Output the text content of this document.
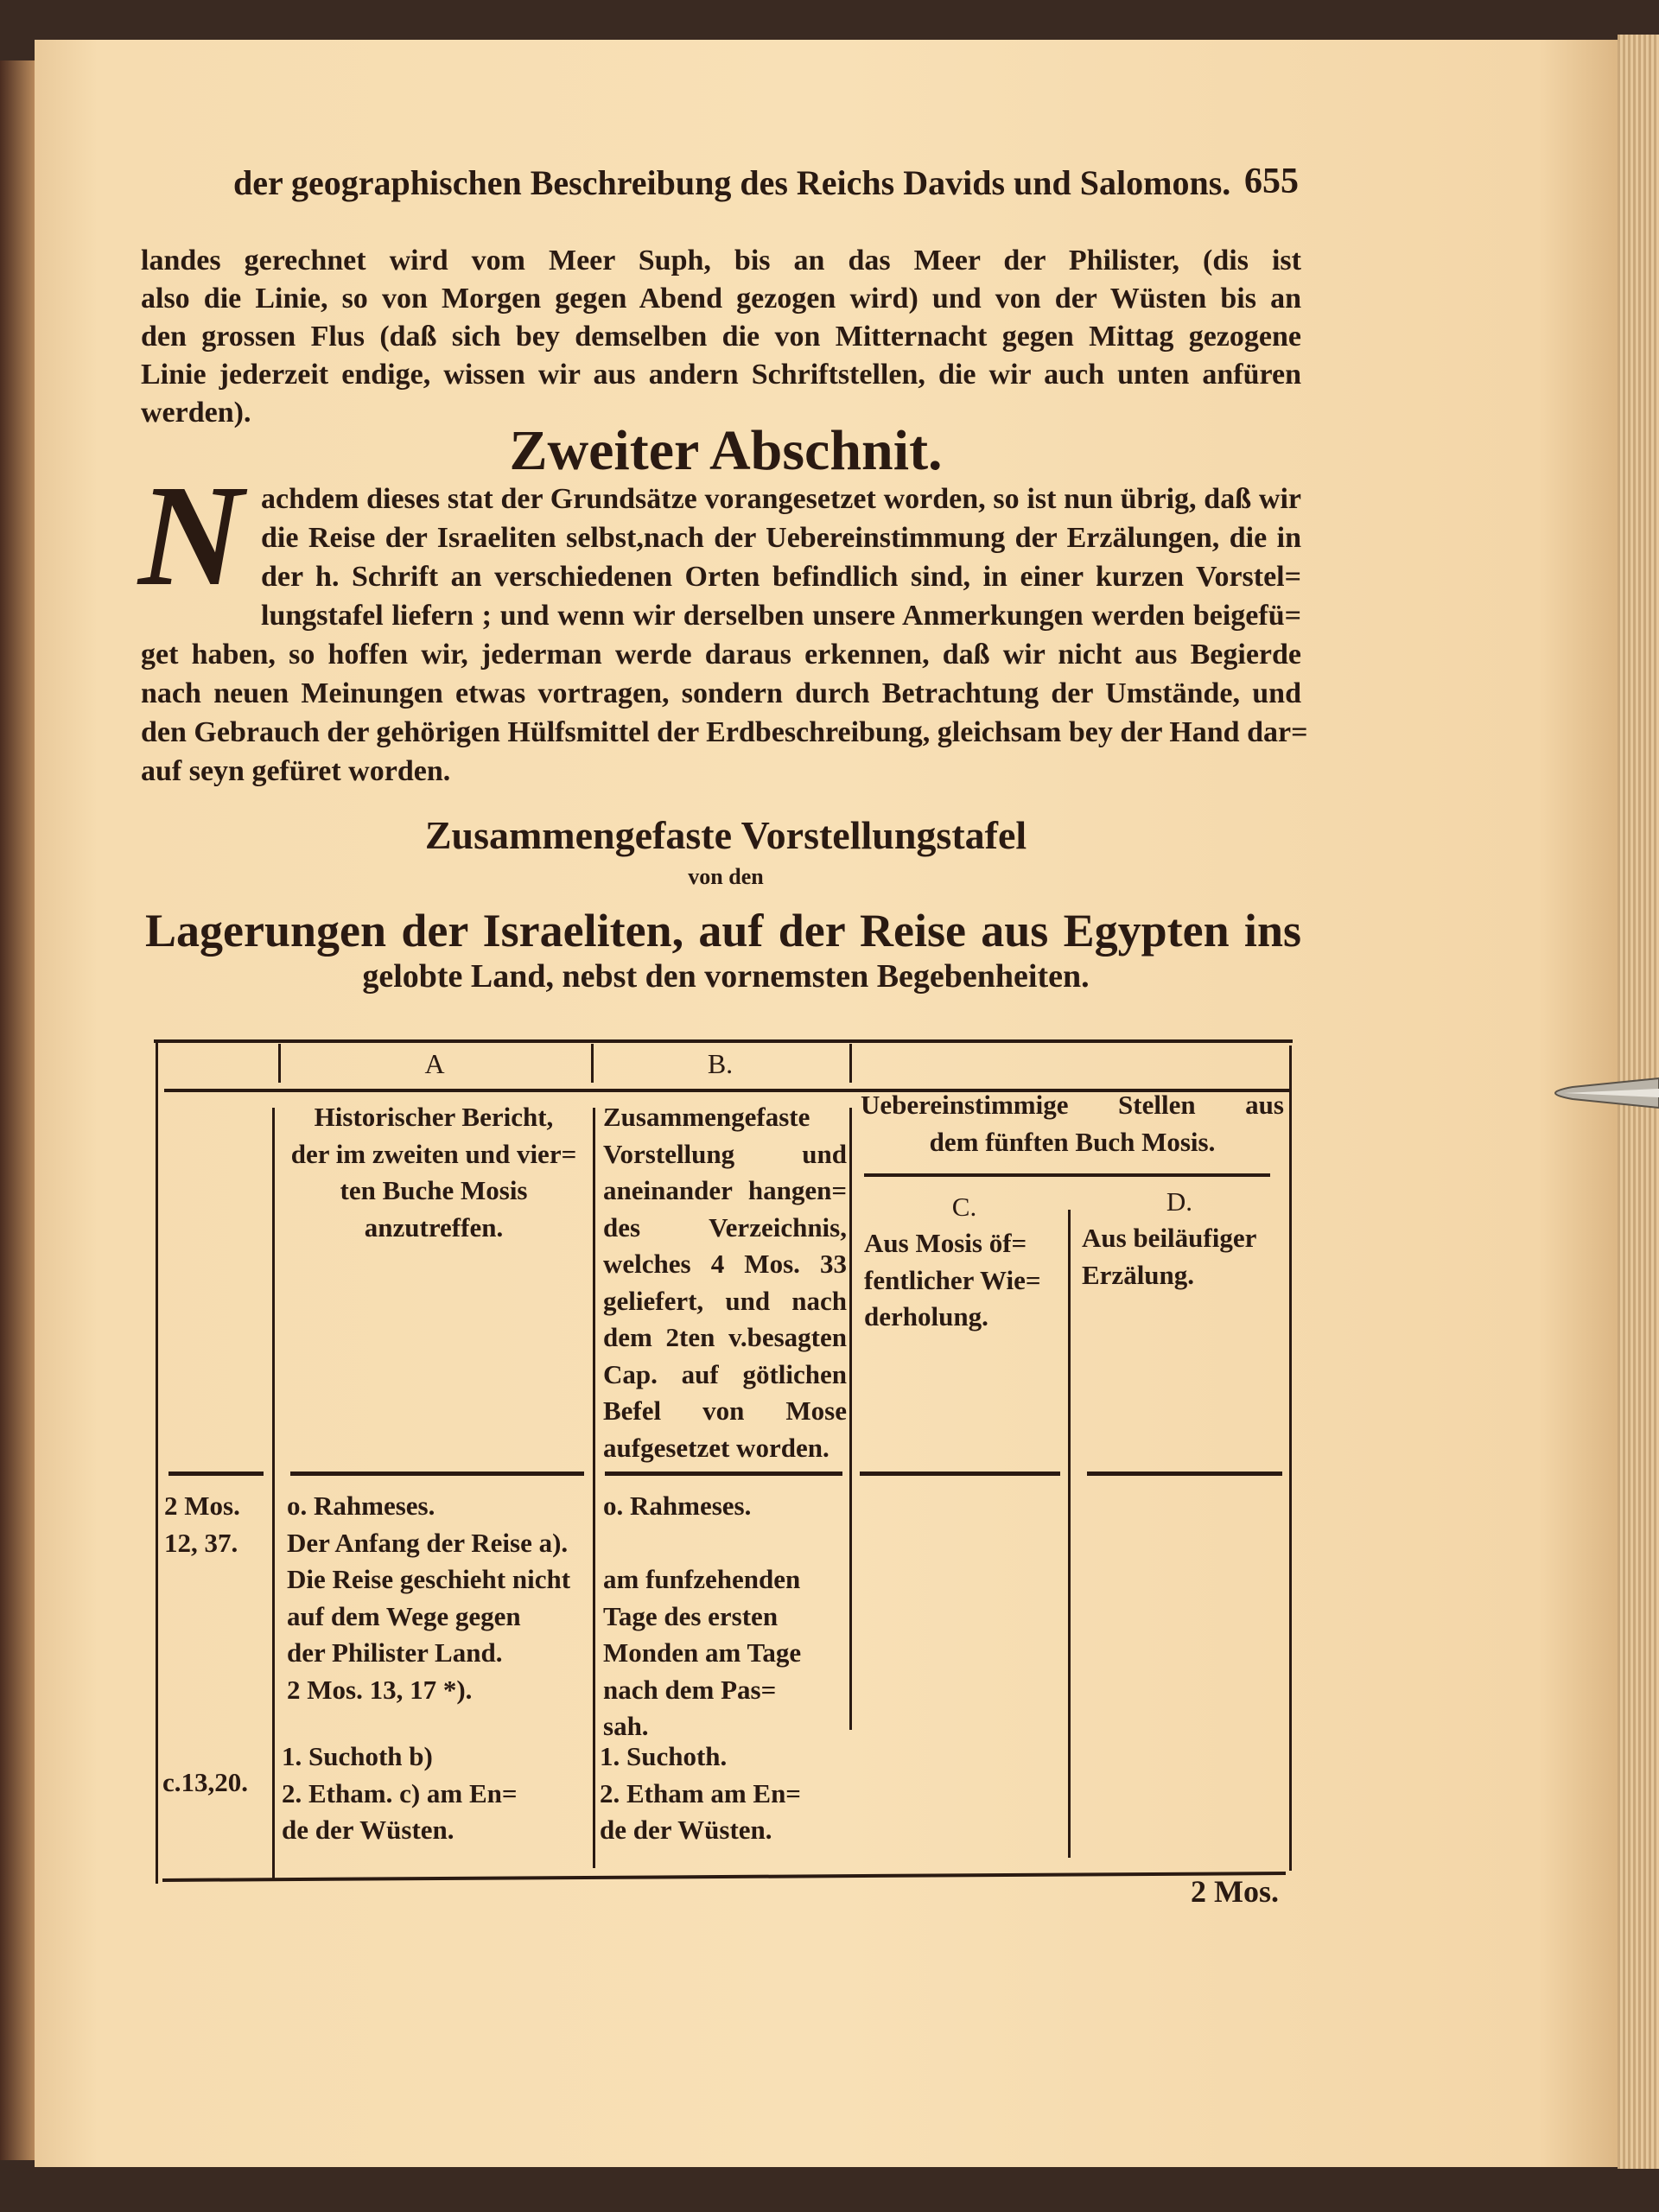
der geographischen Beschreibung des Reichs Davids und Salomons. 655
landes gerechnet wird vom Meer Suph, bis an das Meer der Philister, (dis ist
also die Linie, so von Morgen gegen Abend gezogen wird) und von der Wüsten bis an
den grossen Flus (daß sich bey demselben die von Mitternacht gegen Mittag gezogene
Linie jederzeit endige, wissen wir aus andern Schriftstellen, die wir auch unten anfüren
werden).
Zweiter Abschnit.
N achdem dieses stat der Grundsätze vorangesetzet worden, so ist nun übrig, daß wir
die Reise der Israeliten selbst,nach der Uebereinstimmung der Erzälungen, die in
der h. Schrift an verschiedenen Orten befindlich sind, in einer kurzen Vorstel=
lungstafel liefern ; und wenn wir derselben unsere Anmerkungen werden beigefü=
get haben, so hoffen wir, jederman werde daraus erkennen, daß wir nicht aus Begierde
nach neuen Meinungen etwas vortragen, sondern durch Betrachtung der Umstände, und
den Gebrauch der gehörigen Hülfsmittel der Erdbeschreibung, gleichsam bey der Hand dar=
auf seyn gefüret worden.
Zusammengefaste Vorstellungstafel
von den
Lagerungen der Israeliten, auf der Reise aus Egypten ins
gelobte Land, nebst den vornemsten Begebenheiten.
A	B.
Historischer Bericht,
der im zweiten und vier=
ten Buche Mosis
anzutreffen.
Zusammengefaste
Vorstellung und
aneinander hangen=
des Verzeichnis,
welches 4 Mos. 33
geliefert, und nach
dem 2ten v.besagten
Cap. auf götlichen
Befel von Mose
aufgesetzet worden.
Uebereinstimmige Stellen aus
dem fünften Buch Mosis.
C.	D.
Aus Mosis öf=
fentlicher Wie=
derholung.
Aus beiläufiger
Erzälung.
2 Mos.
12, 37.
o. Rahmeses.
Der Anfang der Reise a).
Die Reise geschieht nicht
auf dem Wege gegen
der Philister Land.
2 Mos. 13, 17 *).
o. Rahmeses.

am funfzehenden
Tage des ersten
Monden am Tage
nach dem Pas=
sah.
c.13,20.
1. Suchoth b)
2. Etham. c) am En=
de der Wüsten.
1. Suchoth.
2. Etham am En=
de der Wüsten.
2 Mos.
